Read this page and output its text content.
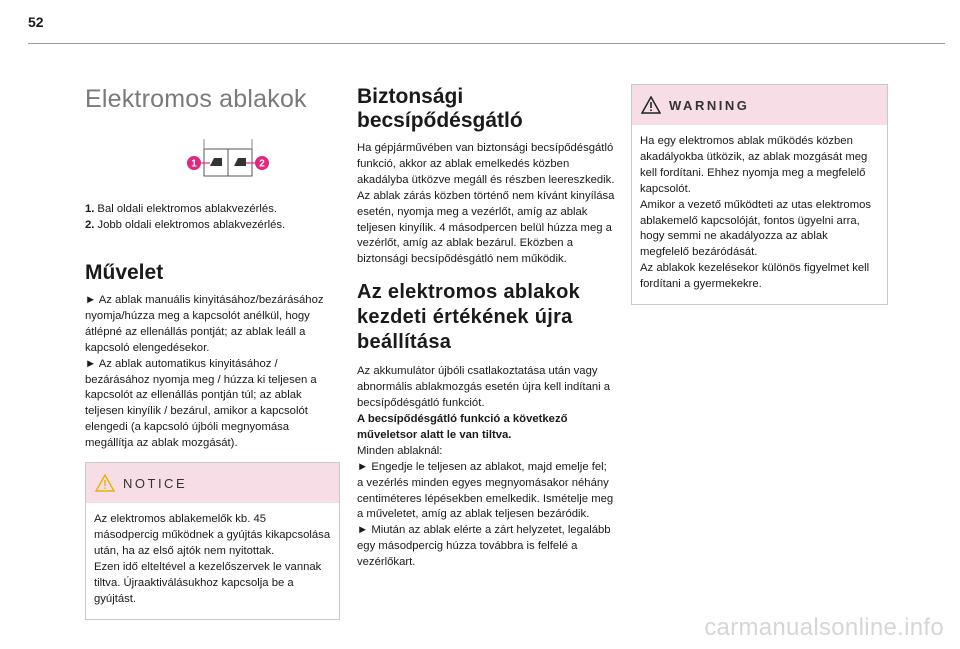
52
Elektromos ablakok
1	2
1. Bal oldali elektromos ablakvezérlés.
2. Jobb oldali elektromos ablakvezérlés.
Művelet

► Az ablak manuális kinyitásához/bezárásához nyomja/húzza meg a kapcsolót anélkül, hogy átlépné az ellenállás pontját; az ablak leáll a kapcsoló elengedésekor.

► Az ablak automatikus kinyitásához / bezárásához nyomja meg / húzza ki teljesen a kapcsolót az ellenállás pontján túl; az ablak teljesen kinyílik / bezárul, amikor a kapcsolót elengedi (a kapcsoló újbóli megnyomása megállítja az ablak mozgását).

NOTICE

Az elektromos ablakemelők kb. 45 másodpercig működnek a gyújtás kikapcsolása után, ha az első ajtók nem nyitottak.

Ezen idő elteltével a kezelőszervek le vannak tiltva. Újraaktiválásukhoz kapcsolja be a gyújtást.

Biztonsági becsípődésgátló

Ha gépjárművében van biztonsági becsípődésgátló funkció, akkor az ablak emelkedés közben akadályba ütközve megáll és részben leereszkedik.

Az ablak zárás közben történő nem kívánt kinyílása esetén, nyomja meg a vezérlőt, amíg az ablak teljesen kinyílik. 4 másodpercen belül húzza meg a vezérlőt, amíg az ablak bezárul. Eközben a biztonsági becsípődésgátló nem működik.

Az elektromos ablakok kezdeti értékének újra beállítása

Az akkumulátor újbóli csatlakoztatása után vagy abnormális ablakmozgás esetén újra kell indítani a becsípődésgátló funkciót.

A becsípődésgátló funkció a következő műveletsor alatt le van tiltva.

Minden ablaknál:

► Engedje le teljesen az ablakot, majd emelje fel; a vezérlés minden egyes megnyomásakor néhány centiméteres lépésekben emelkedik. Ismételje meg a műveletet, amíg az ablak teljesen bezáródik.

► Miután az ablak elérte a zárt helyzetet, legalább egy másodpercig húzza továbbra is felfelé a vezérlőkart.

WARNING

Ha egy elektromos ablak működés közben akadályokba ütközik, az ablak mozgását meg kell fordítani. Ehhez nyomja meg a megfelelő kapcsolót.

Amikor a vezető működteti az utas elektromos ablakemelő kapcsolóját, fontos ügyelni arra, hogy semmi ne akadályozza az ablak megfelelő bezáródását.

Az ablakok kezelésekor különös figyelmet kell fordítani a gyermekekre.

carmanualsonline.info
